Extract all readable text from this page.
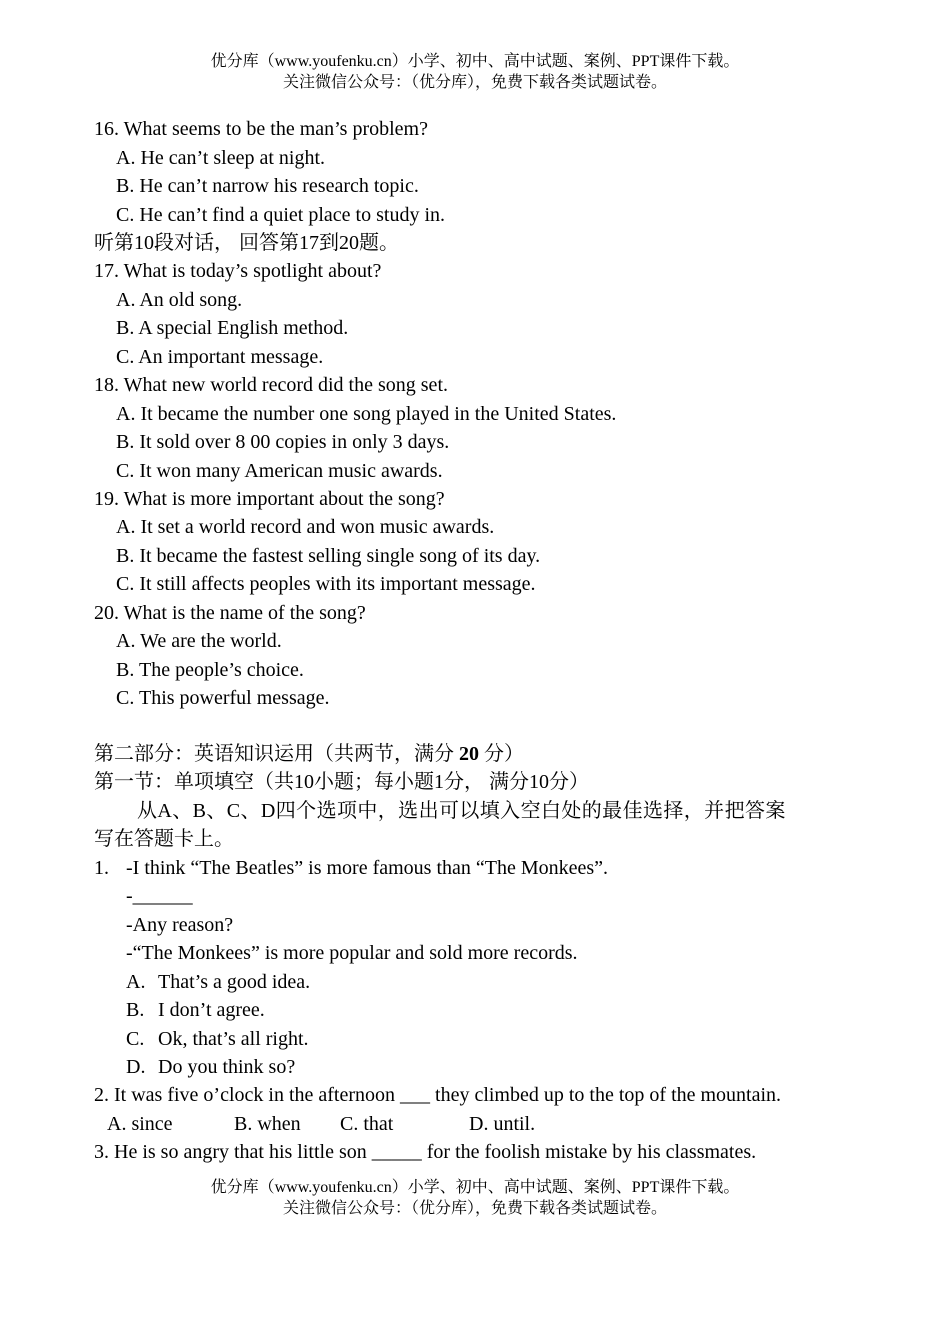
优分库（www.youfenku.cn）小学、初中、高中试题、案例、PPT课件下载。
关注微信公众号：（优分库），免费下载各类试题试卷。
16. What seems to be the man’s problem?
A. He can’t sleep at night.
B. He can’t narrow his research topic.
C. He can’t find a quiet place to study in.
听第10段对话， 回答第17到20题。
17. What is today’s spotlight about?
A. An old song.
B. A special English method.
C. An important message.
18. What new world record did the song set.
A. It became the number one song played in the United States.
B. It sold over 8 00 copies in only 3 days.
C. It won many American music awards.
19. What is more important about the song?
A. It set a world record and won music awards.
B. It became the fastest selling single song of its day.
C. It still affects peoples with its important message.
20. What is the name of the song?
A. We are the world.
B. The people’s choice.
C. This powerful message.
第二部分：英语知识运用（共两节，满分 20 分）
第一节：单项填空（共10小题；每小题1分， 满分10分）
从A、B、C、D四个选项中，选出可以填入空白处的最佳选择，并把答案
写在答题卡上。
1. -I think “The Beatles” is more famous than “The Monkees”.
-______
-Any reason?
-“The Monkees” is more popular and sold more records.
A. That’s a good idea.
B. I don’t agree.
C. Ok, that’s all right.
D. Do you think so?
2. It was five o’clock in the afternoon ___ they climbed up to the top of the mountain.
A. since	B. when C. that	D. until.
3. He is so angry that his little son _____ for the foolish mistake by his classmates.
优分库（www.youfenku.cn）小学、初中、高中试题、案例、PPT课件下载。
关注微信公众号：（优分库），免费下载各类试题试卷。
